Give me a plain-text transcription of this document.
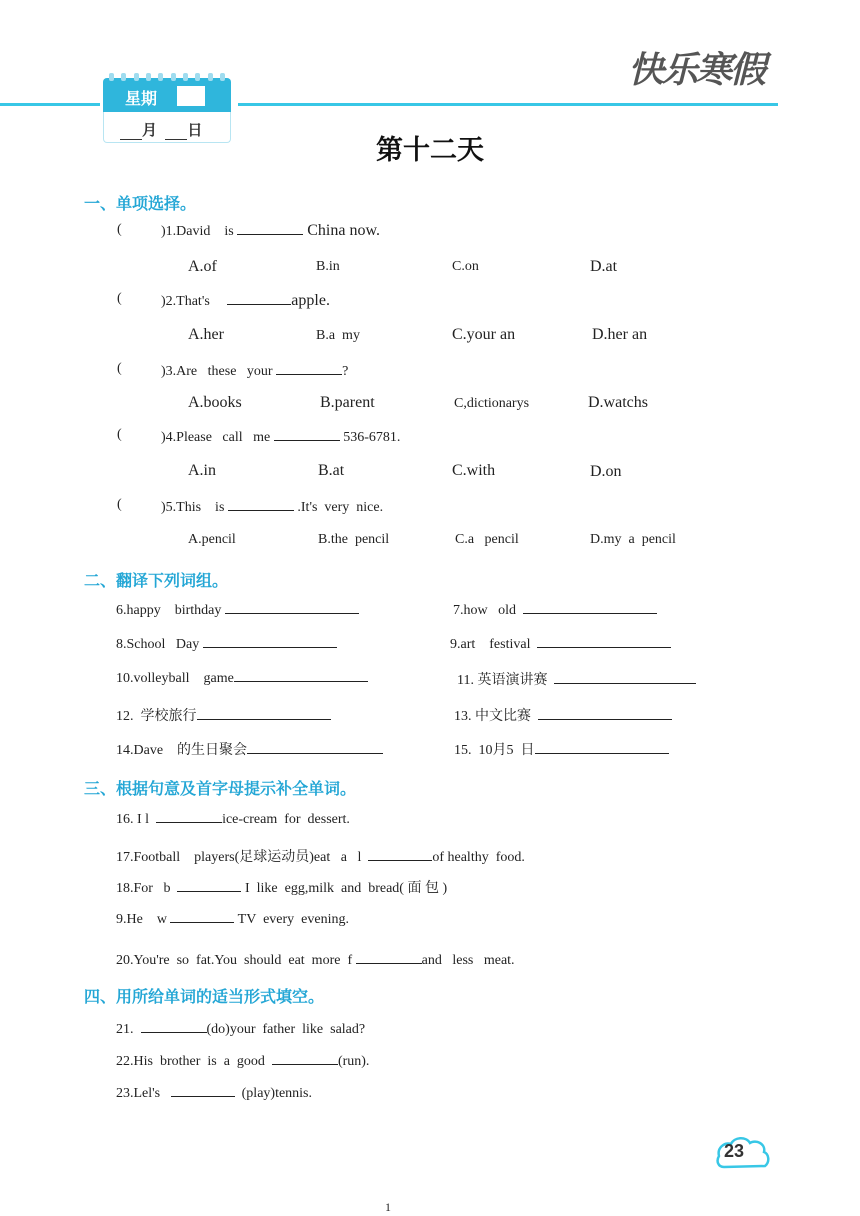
星期
月 日
快乐寒假
第十二天
一、单项选择。
(	)1.David    is	China now.
A.of	B.in	C.on	D.at
(	)2.That's	apple.
A.her	B.a  my	C.your an	D.her an
(	)3.Are   these   your	?
A.books	B.parent	C,dictionarys	D.watchs
(	)4.Please   call   me	536-6781.
A.in	B.at	C.with	D.on
(	)5.This    is	.It's  very  nice.
A.pencil	B.the  pencil	C.a   pencil	D.my  a  pencil
二、翻译下列词组。
6.happy    birthday	7.how   old
8.School   Day	9.art    festival
10.volleyball    game	11. 英语演讲赛
12.  学校旅行	13. 中文比赛
14.Dave    的生日聚会	15.  10月5  日
三、根据句意及首字母提示补全单词。
16. I l	ice-cream  for  dessert.
17.Football    players(足球运动员)eat   a   l	of healthy  food.
18.For   b	I  like  egg,milk  and  bread( 面 包 )
9.He    w	TV  every  evening.
20.You're  so  fat.You  should  eat  more  f	and   less   meat.
四、用所给单词的适当形式填空。
21.	(do)your  father  like  salad?
22.His  brother  is  a  good	(run).
23.Lel's	(play)tennis.
23
1
